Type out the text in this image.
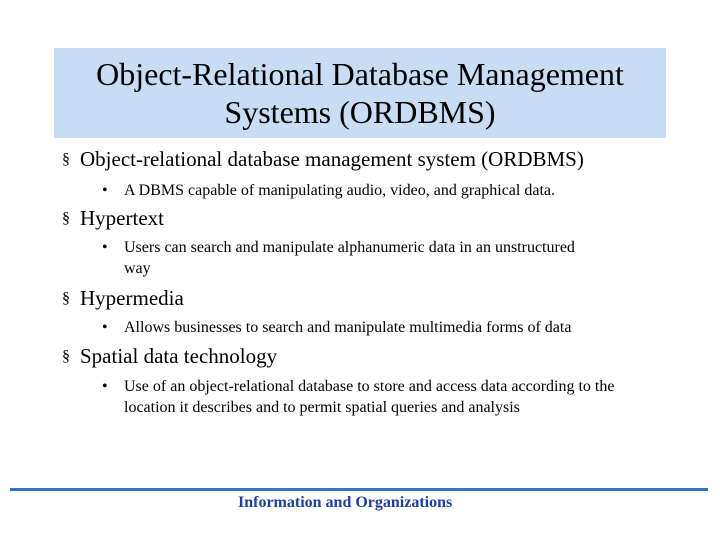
Object-Relational Database Management
Systems (ORDBMS)
§ Object-relational database management system (ORDBMS)
• A DBMS capable of manipulating audio, video, and graphical data.
§ Hypertext
• Users can search and manipulate alphanumeric data in an unstructured way
§ Hypermedia
• Allows businesses to search and manipulate multimedia forms of data
§ Spatial data technology
• Use of an object-relational database to store and access data according to the location it describes and to permit spatial queries and analysis
Information and Organizations
